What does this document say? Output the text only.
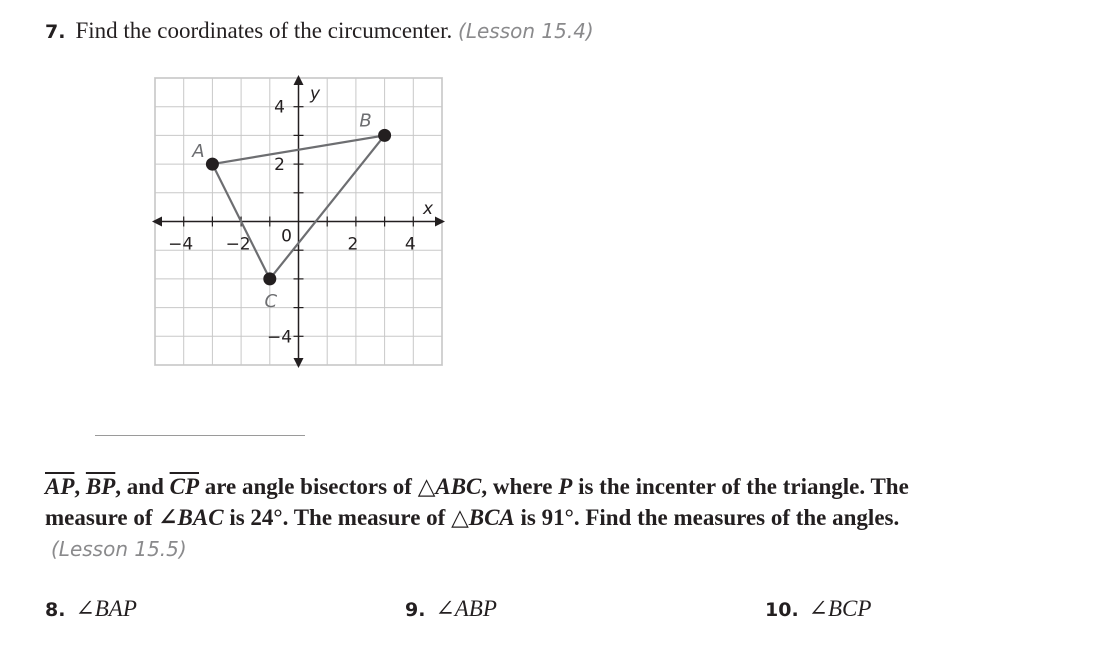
7. Find the coordinates of the circumcenter. (Lesson 15.4)
A
B
C
−4 −2	2	4
4
2
−4
0
x
y
$\overline{AP}$, $\overline{BP}$, and $\overline{CP}$ are angle bisectors of △ABC, where P is the incenter of the triangle. The measure of ∠BAC is 24°. The measure of △BCA is 91°. Find the measures of the angles.(Lesson 15.5)
8. ∠BAP	9. ∠ABP	10. ∠BCP
